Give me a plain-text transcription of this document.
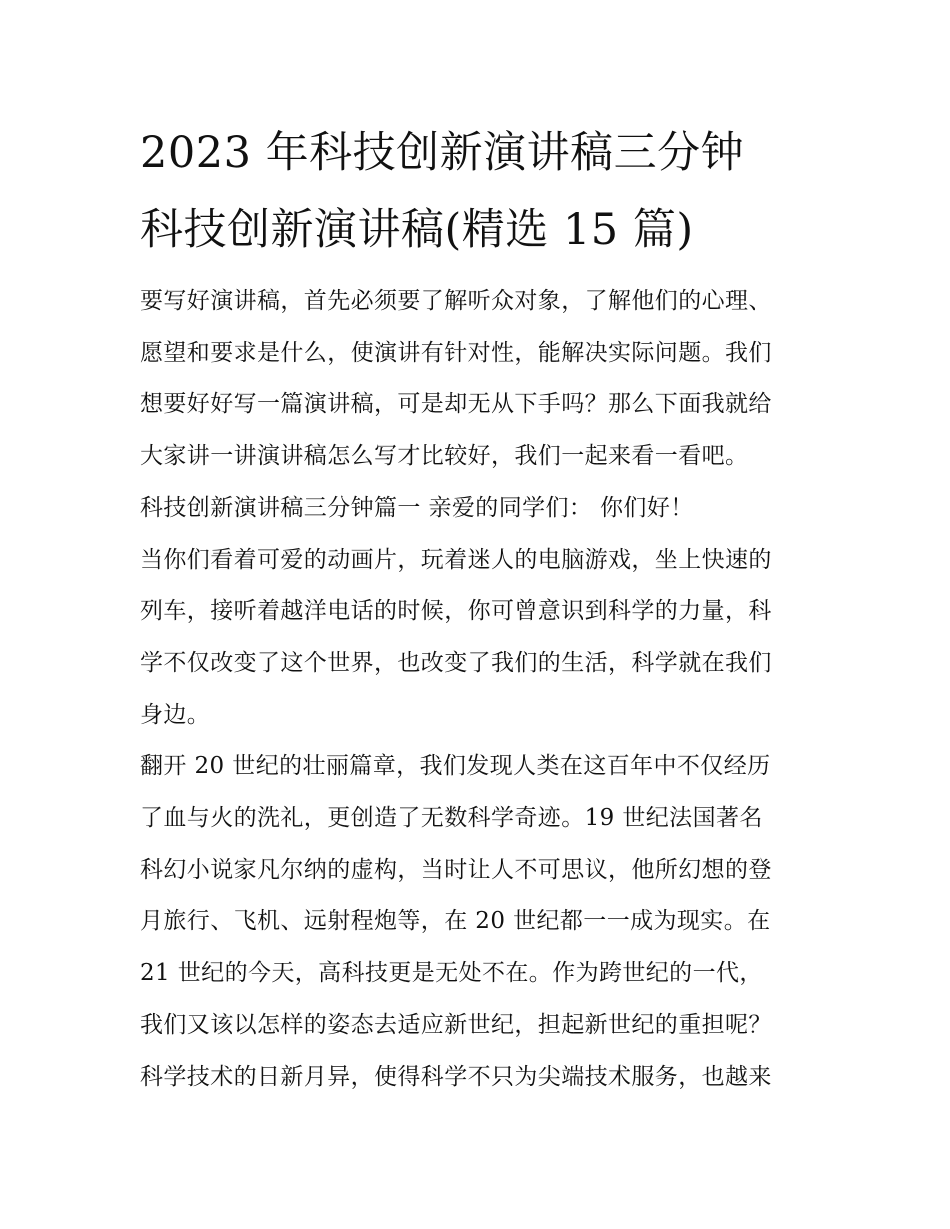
2023 年科技创新演讲稿三分钟
科技创新演讲稿(精选 15 篇)
要写好演讲稿，首先必须要了解听众对象，了解他们的心理、
愿望和要求是什么，使演讲有针对性，能解决实际问题。我们
想要好好写一篇演讲稿，可是却无从下手吗？那么下面我就给
大家讲一讲演讲稿怎么写才比较好，我们一起来看一看吧。
科技创新演讲稿三分钟篇一 亲爱的同学们： 你们好！
当你们看着可爱的动画片，玩着迷人的电脑游戏，坐上快速的
列车，接听着越洋电话的时候，你可曾意识到科学的力量，科
学不仅改变了这个世界，也改变了我们的生活，科学就在我们
身边。
翻开 20 世纪的壮丽篇章，我们发现人类在这百年中不仅经历
了血与火的洗礼，更创造了无数科学奇迹。19 世纪法国著名
科幻小说家凡尔纳的虚构，当时让人不可思议，他所幻想的登
月旅行、飞机、远射程炮等，在 20 世纪都一一成为现实。在
21 世纪的今天，高科技更是无处不在。作为跨世纪的一代，
我们又该以怎样的姿态去适应新世纪，担起新世纪的重担呢？
科学技术的日新月异，使得科学不只为尖端技术服务，也越来
